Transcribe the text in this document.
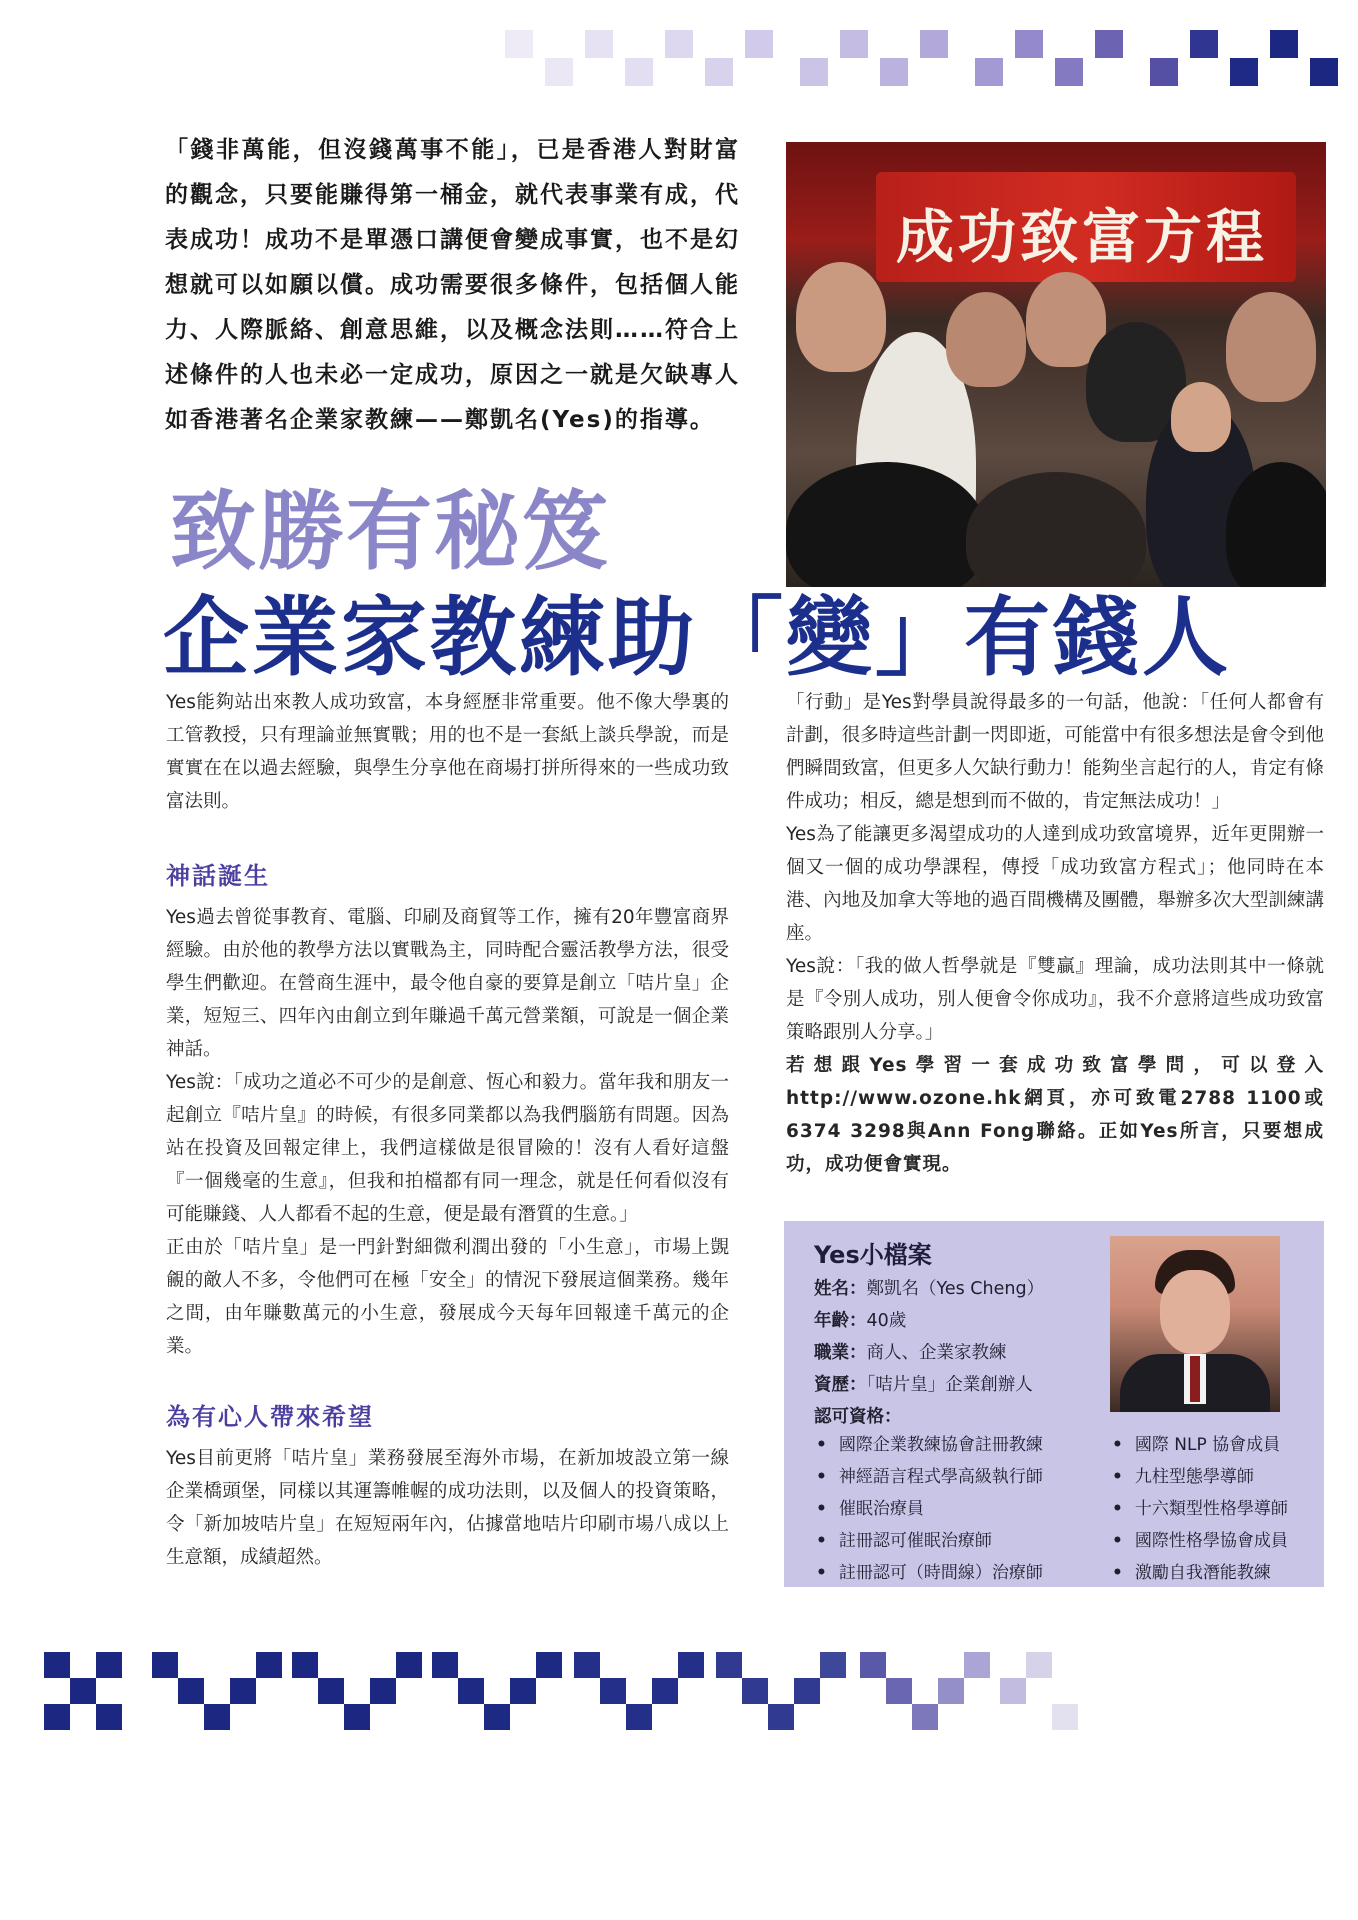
「錢非萬能，但沒錢萬事不能」，已是香港人對財富的觀念，只要能賺得第一桶金，就代表事業有成，代表成功！成功不是單憑口講便會變成事實，也不是幻想就可以如願以償。成功需要很多條件，包括個人能力、人際脈絡、創意思維，以及概念法則……符合上述條件的人也未必一定成功，原因之一就是欠缺專人如香港著名企業家教練——鄭凱名(Yes)的指導。
成功致富方程
致勝有秘笈
企業家教練助「變」有錢人

Yes能夠站出來教人成功致富，本身經歷非常重要。他不像大學裏的工管教授，只有理論並無實戰；用的也不是一套紙上談兵學說，而是實實在在以過去經驗，與學生分享他在商場打拼所得來的一些成功致富法則。

神話誕生

Yes過去曾從事教育、電腦、印刷及商貿等工作，擁有20年豐富商界經驗。由於他的教學方法以實戰為主，同時配合靈活教學方法，很受學生們歡迎。在營商生涯中，最令他自豪的要算是創立「咭片皇」企業，短短三、四年內由創立到年賺過千萬元營業額，可說是一個企業神話。

Yes說：「成功之道必不可少的是創意、恆心和毅力。當年我和朋友一起創立『咭片皇』的時候，有很多同業都以為我們腦筋有問題。因為站在投資及回報定律上，我們這樣做是很冒險的！沒有人看好這盤『一個幾毫的生意』，但我和拍檔都有同一理念，就是任何看似沒有可能賺錢、人人都看不起的生意，便是最有潛質的生意。」

正由於「咭片皇」是一門針對細微利潤出發的「小生意」，市場上覬覦的敵人不多，令他們可在極「安全」的情況下發展這個業務。幾年之間，由年賺數萬元的小生意，發展成今天每年回報達千萬元的企業。

為有心人帶來希望

Yes目前更將「咭片皇」業務發展至海外市場，在新加坡設立第一線企業橋頭堡，同樣以其運籌帷幄的成功法則，以及個人的投資策略，令「新加坡咭片皇」在短短兩年內，佔據當地咭片印刷市場八成以上生意額，成績超然。

「行動」是Yes對學員說得最多的一句話，他說：「任何人都會有計劃，很多時這些計劃一閃即逝，可能當中有很多想法是會令到他們瞬間致富，但更多人欠缺行動力！能夠坐言起行的人，肯定有條件成功；相反，總是想到而不做的，肯定無法成功！」

Yes為了能讓更多渴望成功的人達到成功致富境界，近年更開辦一個又一個的成功學課程，傳授「成功致富方程式」；他同時在本港、內地及加拿大等地的過百間機構及團體，舉辦多次大型訓練講座。

Yes說：「我的做人哲學就是『雙贏』理論，成功法則其中一條就是『令別人成功，別人便會令你成功』，我不介意將這些成功致富策略跟別人分享。」

若想跟Yes學習一套成功致富學問，可以登入http://www.ozone.hk網頁，亦可致電2788 1100或 6374 3298與Ann Fong聯絡。正如Yes所言，只要想成功，成功便會實現。

Yes小檔案
姓名：鄭凱名（Yes Cheng）
年齡：40歲
職業：商人、企業家教練
資歷：「咭片皇」企業創辦人
認可資格：
• 國際企業教練協會註冊教練
• 神經語言程式學高級執行師
• 催眠治療員
• 註冊認可催眠治療師
• 註冊認可（時間線）治療師
• 國際 NLP 協會成員
• 九柱型態學導師
• 十六類型性格學導師
• 國際性格學協會成員
• 激勵自我潛能教練
